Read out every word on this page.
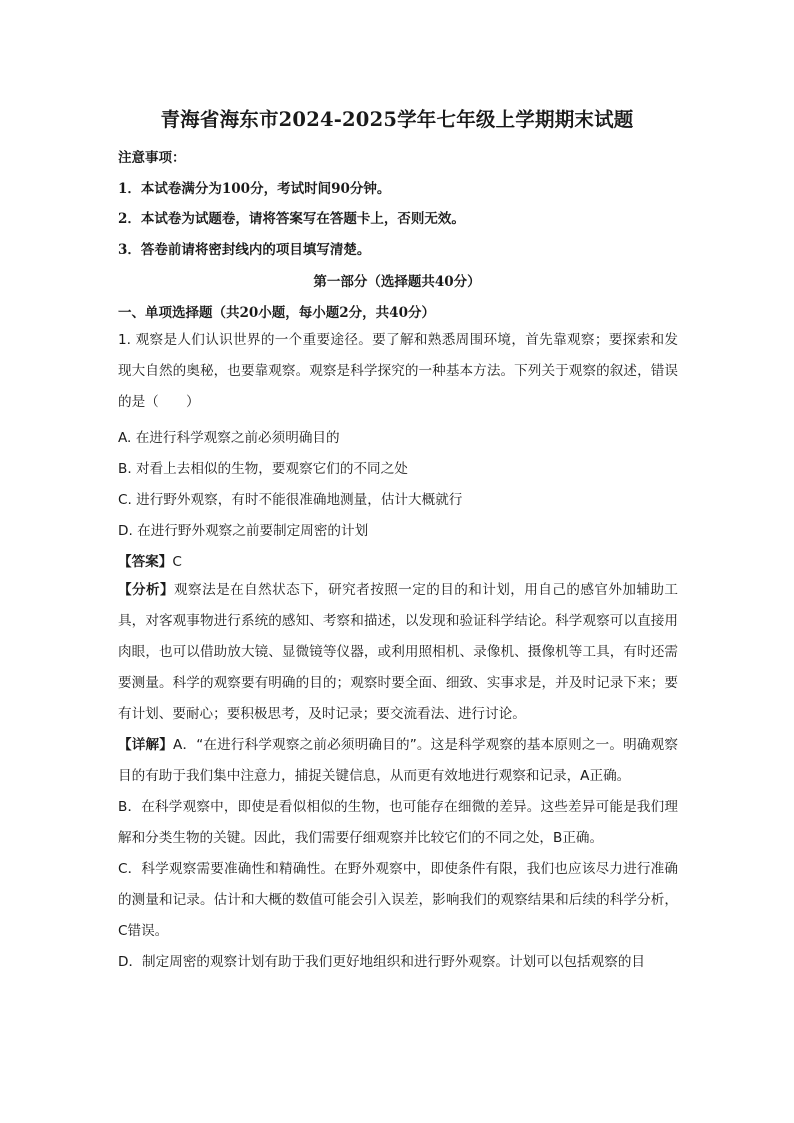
青海省海东市2024-2025学年七年级上学期期末试题
注意事项：
1．本试卷满分为100分，考试时间90分钟。
2．本试卷为试题卷，请将答案写在答题卡上，否则无效。
3．答卷前请将密封线内的项目填写清楚。
第一部分（选择题共40分）
一、单项选择题（共20小题，每小题2分，共40分）
1. 观察是人们认识世界的一个重要途径。要了解和熟悉周围环境，首先靠观察；要探索和发现大自然的奥秘，也要靠观察。观察是科学探究的一种基本方法。下列关于观察的叙述，错误的是（　　）
A. 在进行科学观察之前必须明确目的
B. 对看上去相似的生物，要观察它们的不同之处
C. 进行野外观察，有时不能很准确地测量，估计大概就行
D. 在进行野外观察之前要制定周密的计划
【答案】C
【分析】观察法是在自然状态下，研究者按照一定的目的和计划，用自己的感官外加辅助工具，对客观事物进行系统的感知、考察和描述，以发现和验证科学结论。科学观察可以直接用肉眼，也可以借助放大镜、显微镜等仪器，或利用照相机、录像机、摄像机等工具，有时还需要测量。科学的观察要有明确的目的；观察时要全面、细致、实事求是，并及时记录下来；要有计划、要耐心；要积极思考，及时记录；要交流看法、进行讨论。
【详解】A．“在进行科学观察之前必须明确目的”。这是科学观察的基本原则之一。明确观察目的有助于我们集中注意力，捕捉关键信息，从而更有效地进行观察和记录，A正确。
B．在科学观察中，即使是看似相似的生物，也可能存在细微的差异。这些差异可能是我们理解和分类生物的关键。因此，我们需要仔细观察并比较它们的不同之处，B正确。
C．科学观察需要准确性和精确性。在野外观察中，即使条件有限，我们也应该尽力进行准确的测量和记录。估计和大概的数值可能会引入误差，影响我们的观察结果和后续的科学分析，C错误。
D．制定周密的观察计划有助于我们更好地组织和进行野外观察。计划可以包括观察的目
